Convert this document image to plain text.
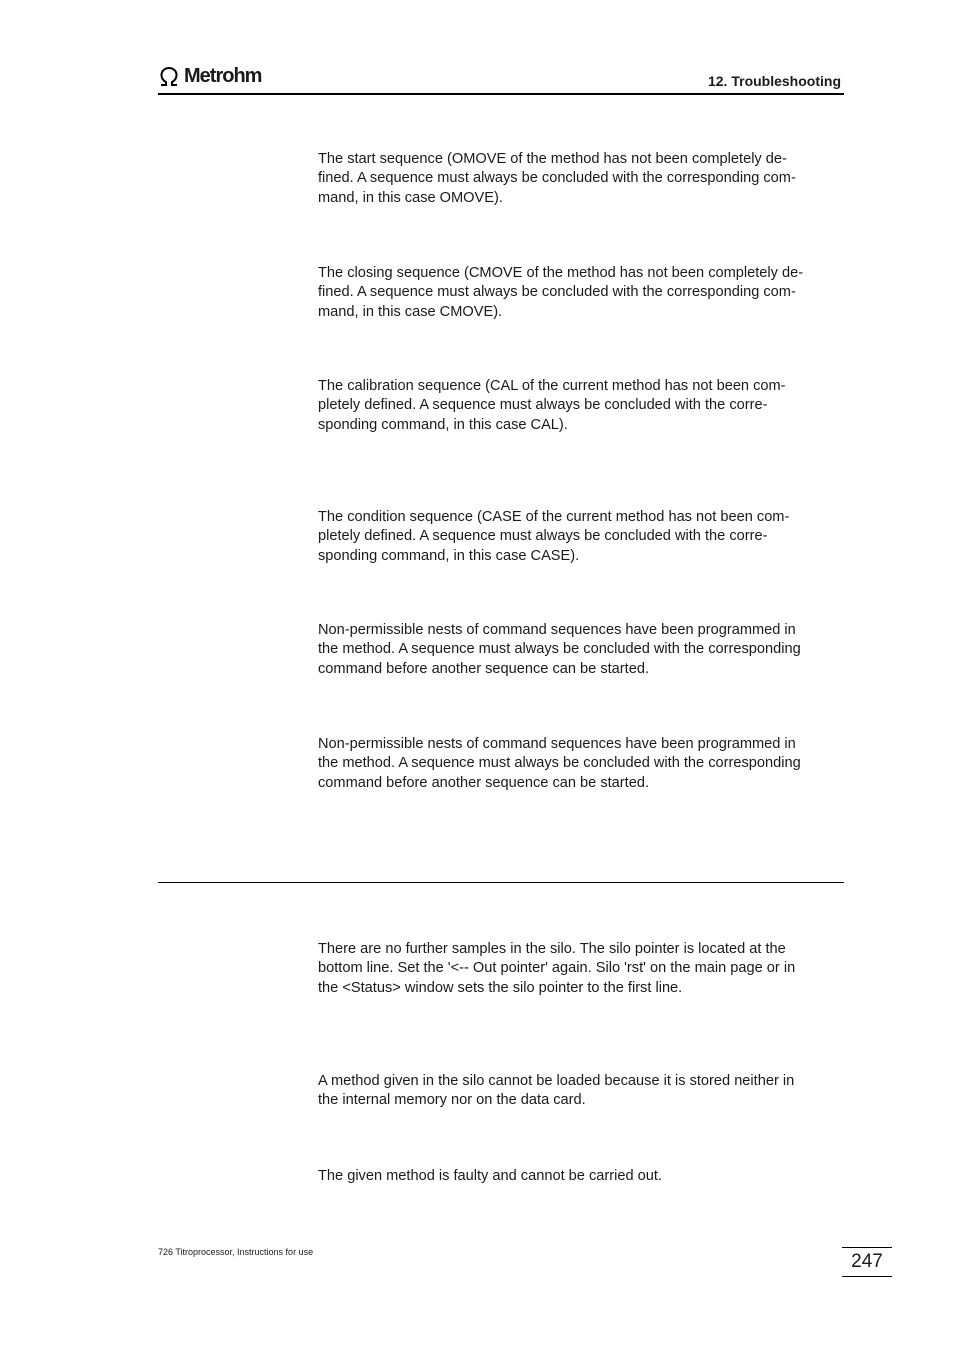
Metrohm	12. Troubleshooting

The start sequence (OMOVE of the method has not been completely de-
fined. A sequence must always be concluded with the corresponding com-
mand, in this case OMOVE).

The closing sequence (CMOVE of the method has not been completely de-
fined. A sequence must always be concluded with the corresponding com-
mand, in this case CMOVE).

The calibration sequence (CAL of the current method has not been com-
pletely defined. A sequence must always be concluded with the corre-
sponding command, in this case CAL).

The condition sequence (CASE of the current method has not been com-
pletely defined. A sequence must always be concluded with the corre-
sponding command, in this case CASE).

Non-permissible nests of command sequences have been programmed in
the method. A sequence must always be concluded with the corresponding
command before another sequence can be started.

Non-permissible nests of command sequences have been programmed in
the method. A sequence must always be concluded with the corresponding
command before another sequence can be started.

There are no further samples in the silo. The silo pointer is located at the
bottom line. Set the '<-- Out pointer' again. Silo 'rst' on the main page or in
the <Status> window sets the silo pointer to the first line.

A method given in the silo cannot be loaded because it is stored neither in
the internal memory nor on the data card.

The given method is faulty and cannot be carried out.

726 Titroprocessor, Instructions for use	247
